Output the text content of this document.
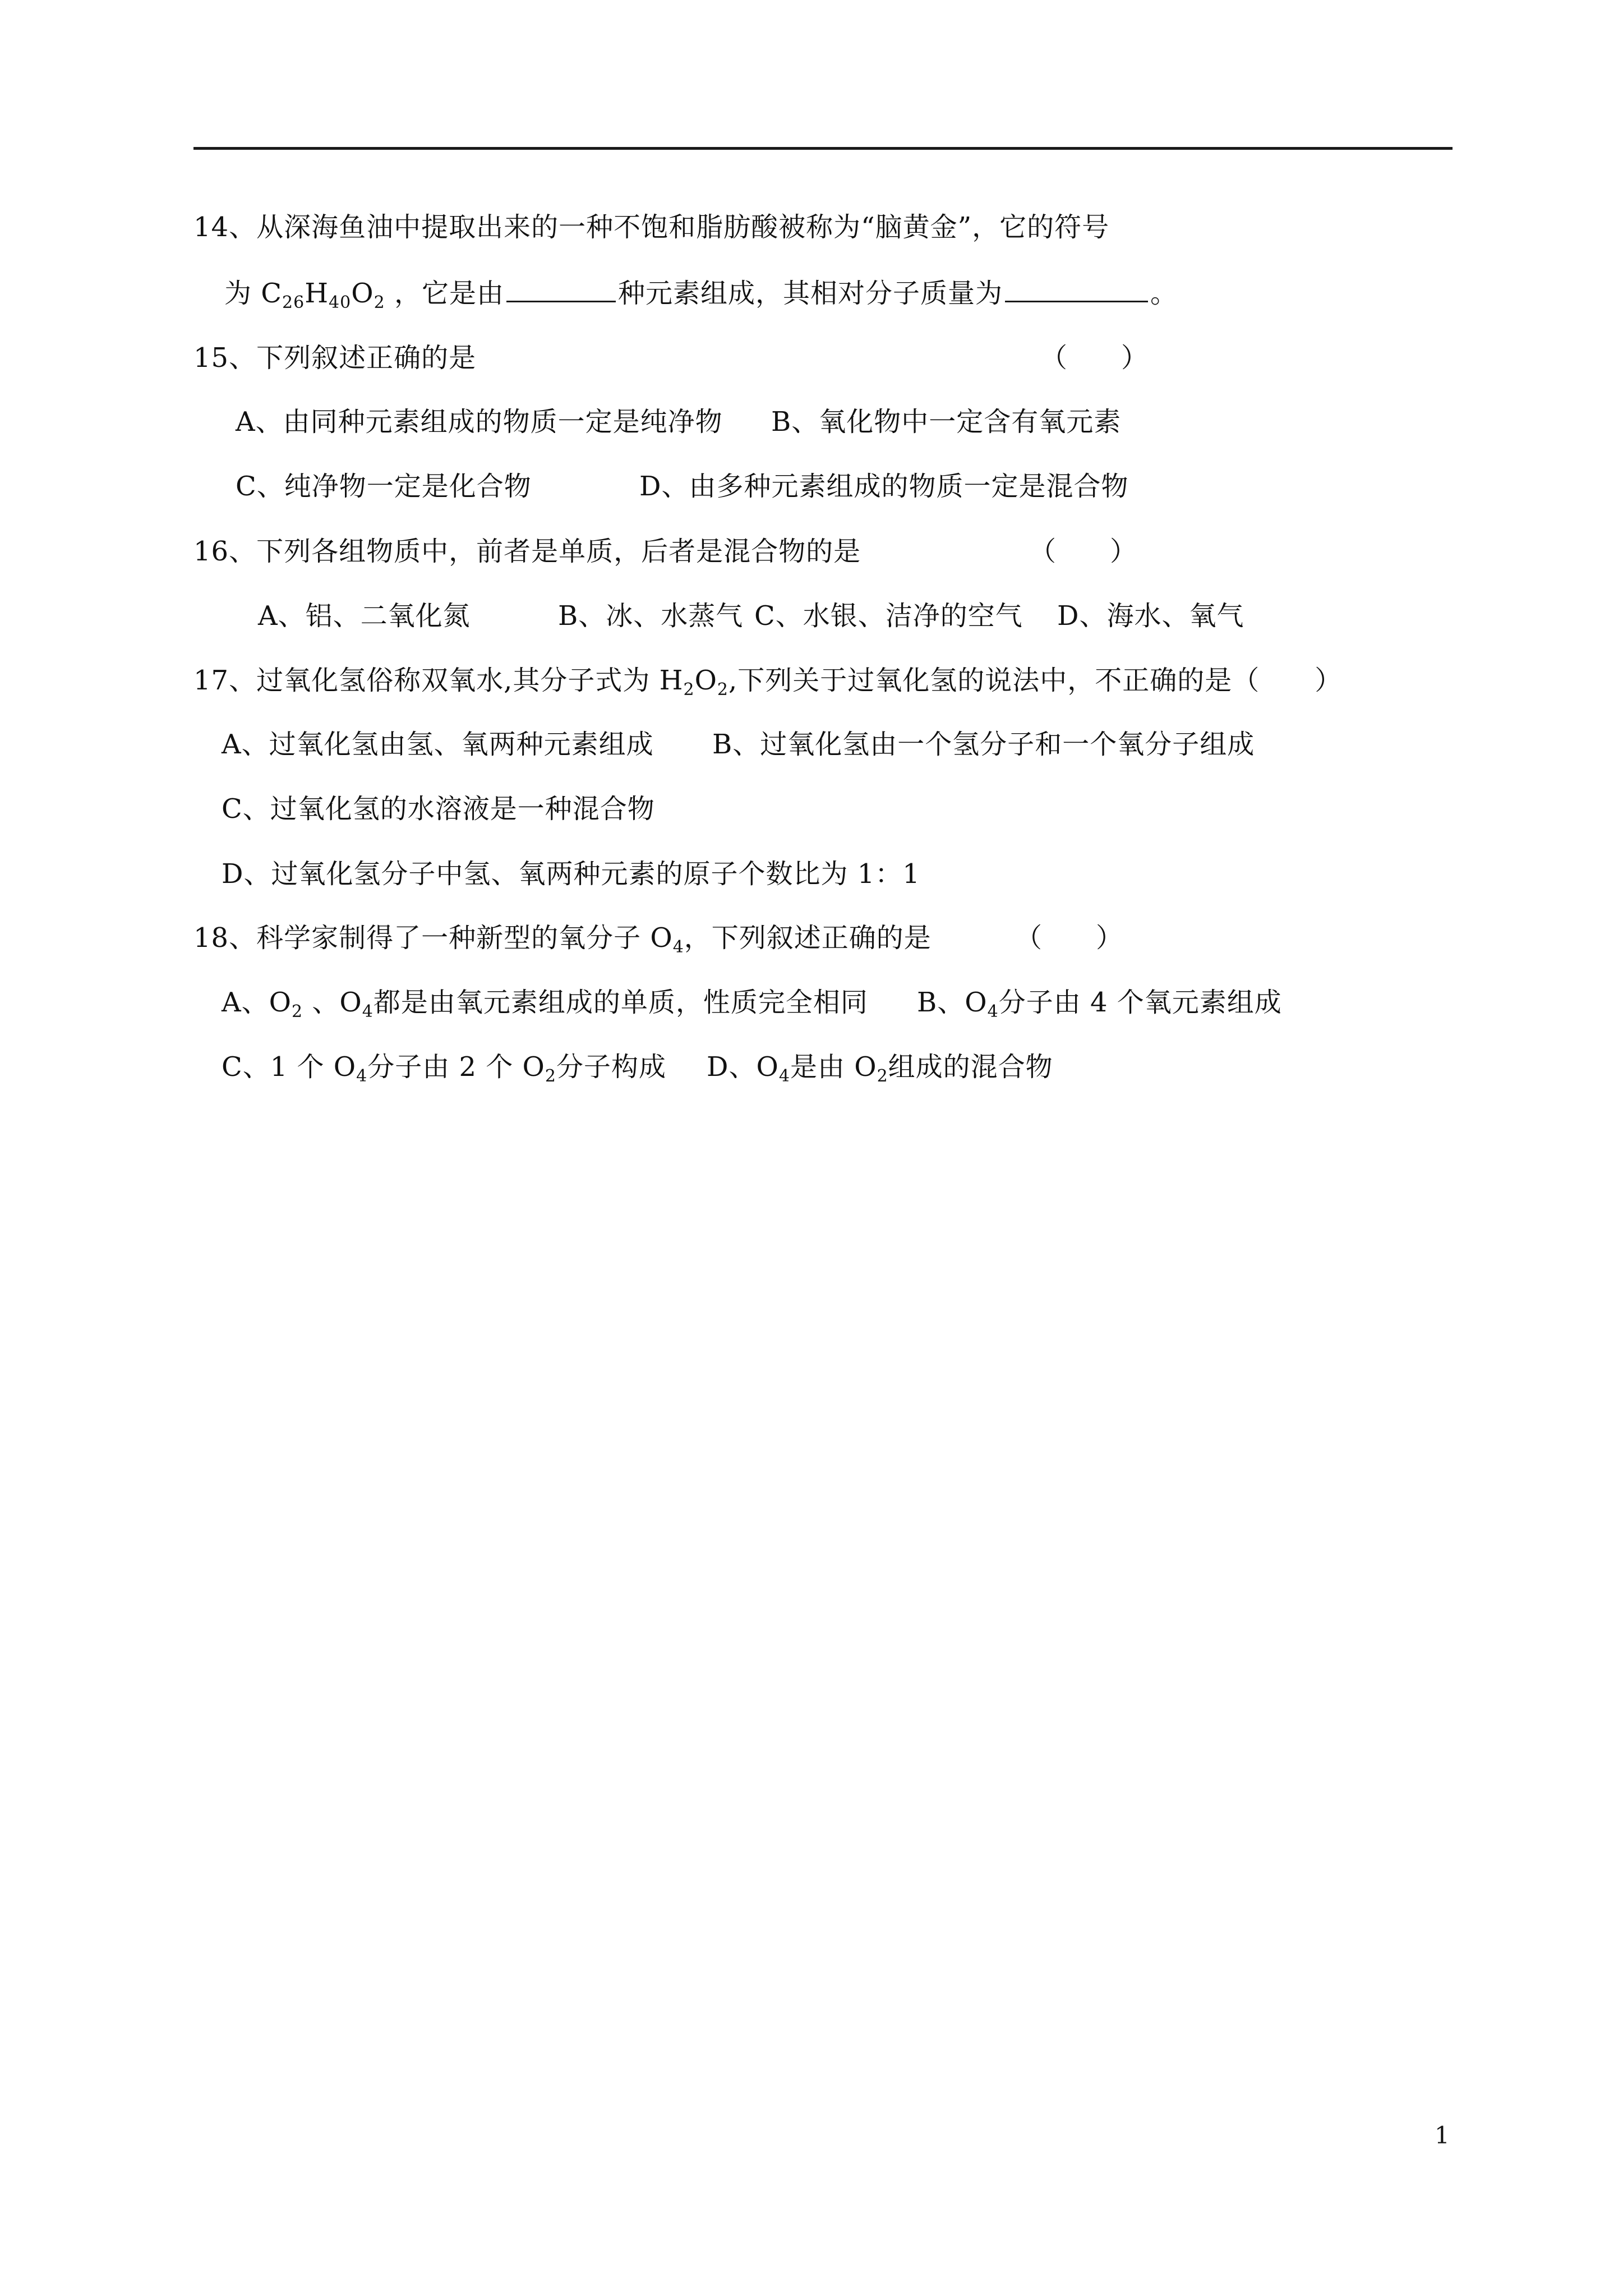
14、从深海鱼油中提取出来的一种不饱和脂肪酸被称为“脑黄金”，它的符号
为 $C_{26}H_{40}O_2$ ，它是由	种元素组成，其相对分子质量为	。
15、下列叙述正确的是	（　　）
A、由同种元素组成的物质一定是纯净物 B、氧化物中一定含有氧元素
C、纯净物一定是化合物	D、由多种元素组成的物质一定是混合物
16、下列各组物质中，前者是单质，后者是混合物的是	（　　）
A、铝、二氧化氮	B、冰、水蒸气 C、水银、洁净的空气 D、海水、氧气
17、过氧化氢俗称双氧水,其分子式为 $H_2O_2$,下列关于过氧化氢的说法中，不正确的是（　　）
A、过氧化氢由氢、氧两种元素组成 B、过氧化氢由一个氢分子和一个氧分子组成
C、过氧化氢的水溶液是一种混合物
D、过氧化氢分子中氢、氧两种元素的原子个数比为 1：1
18、科学家制得了一种新型的氧分子 $O_4$，下列叙述正确的是	（　　）
A、$O_2$ 、$O_4$都是由氧元素组成的单质，性质完全相同 B、$O_4$分子由 4 个氧元素组成
C、1 个 $O_4$分子由 2 个 $O_2$分子构成 D、$O_4$是由 $O_2$组成的混合物
1
